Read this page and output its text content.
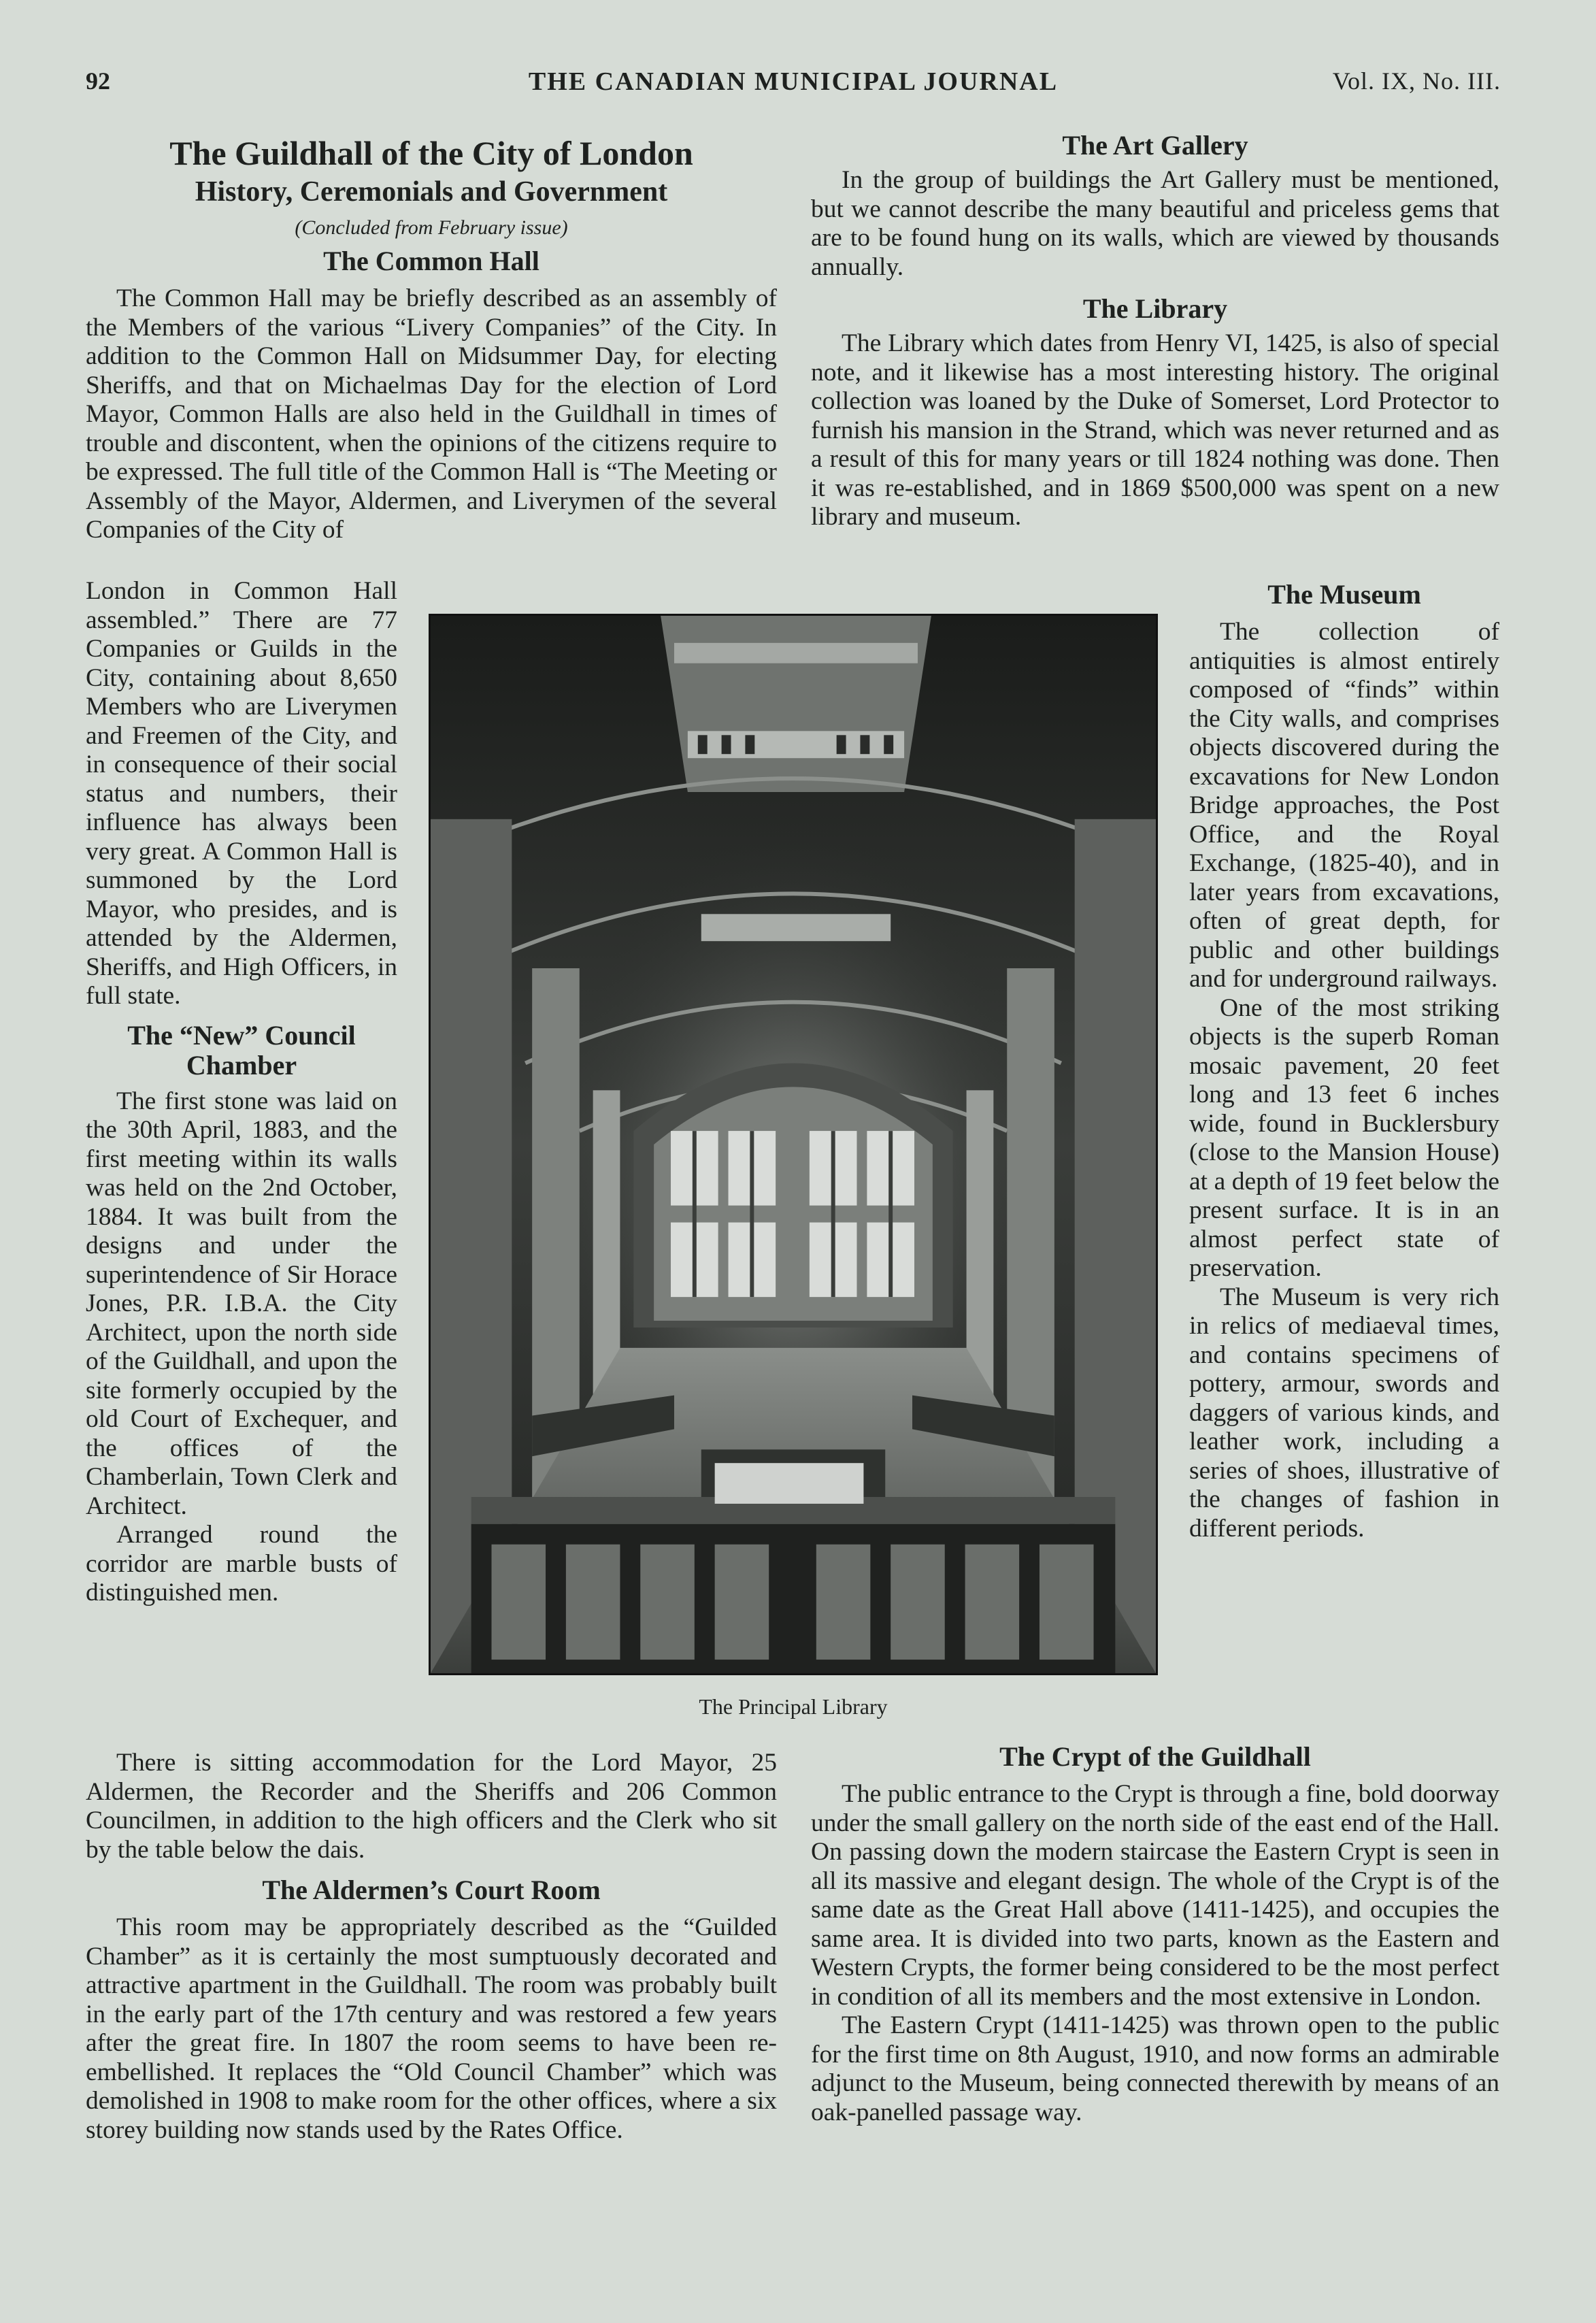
92	THE CANADIAN MUNICIPAL JOURNAL	Vol. IX, No. III.
The Guildhall of the City of London
History, Ceremonials and Government
(Concluded from February issue)
The Common Hall

The Common Hall may be briefly described as an assembly of the Members of the various “Livery Companies” of the City. In addition to the Common Hall on Midsummer Day, for electing Sheriffs, and that on Michaelmas Day for the election of Lord Mayor, Common Halls are also held in the Guildhall in times of trouble and discontent, when the opinions of the citizens require to be expressed. The full title of the Common Hall is “The Meeting or Assembly of the Mayor, Aldermen, and Liverymen of the several Companies of the City of

London in Common Hall assembled.” There are 77 Companies or Guilds in the City, containing about 8,650 Members who are Liverymen and Freemen of the City, and in consequence of their social status and numbers, their influence has always been very great. A Common Hall is summoned by the Lord Mayor, who presides, and is attended by the Aldermen, Sheriffs, and High Officers, in full state.

The “New” Council
Chamber

The first stone was laid on the 30th April, 1883, and the first meeting within its walls was held on the 2nd October, 1884. It was built from the designs and under the superintendence of Sir Horace Jones, P.R. I.B.A. the City Architect, upon the north side of the Guildhall, and upon the site formerly occupied by the old Court of Exchequer, and the offices of the Chamberlain, Town Clerk and Architect.

Arranged round the corridor are marble busts of distinguished men.

There is sitting accommodation for the Lord Mayor, 25 Aldermen, the Recorder and the Sheriffs and 206 Common Councilmen, in addition to the high officers and the Clerk who sit by the table below the dais.

The Aldermen’s Court Room

This room may be appropriately described as the “Guilded Chamber” as it is certainly the most sumptuously decorated and attractive apartment in the Guildhall. The room was probably built in the early part of the 17th century and was restored a few years after the great fire. In 1807 the room seems to have been re-embellished. It replaces the “Old Council Chamber” which was demolished in 1908 to make room for the other offices, where a six storey building now stands used by the Rates Office.

The Art Gallery

In the group of buildings the Art Gallery must be mentioned, but we cannot describe the many beautiful and priceless gems that are to be found hung on its walls, which are viewed by thousands annually.

The Library

The Library which dates from Henry VI, 1425, is also of special note, and it likewise has a most interesting history. The original collection was loaned by the Duke of Somerset, Lord Protector to furnish his mansion in the Strand, which was never returned and as a result of this for many years or till 1824 nothing was done. Then it was re-established, and in 1869 $500,000 was spent on a new library and museum.

The Museum

The collection of antiquities is almost entirely composed of “finds” within the City walls, and comprises objects discovered during the excavations for New London Bridge approaches, the Post Office, and the Royal Exchange, (1825-40), and in later years from excavations, often of great depth, for public and other buildings and for underground railways.

One of the most striking objects is the superb Roman mosaic pavement, 20 feet long and 13 feet 6 inches wide, found in Bucklersbury (close to the Mansion House) at a depth of 19 feet below the present surface. It is in an almost perfect state of preservation.

The Museum is very rich in relics of mediaeval times, and contains specimens of pottery, armour, swords and daggers of various kinds, and leather work, including a series of shoes, illustrative of the changes of fashion in different periods.

The Crypt of the Guildhall

The public entrance to the Crypt is through a fine, bold doorway under the small gallery on the north side of the east end of the Hall. On passing down the modern staircase the Eastern Crypt is seen in all its massive and elegant design. The whole of the Crypt is of the same date as the Great Hall above (1411-1425), and occupies the same area. It is divided into two parts, known as the Eastern and Western Crypts, the former being considered to be the most perfect in condition of all its members and the most extensive in London.

The Eastern Crypt (1411-1425) was thrown open to the public for the first time on 8th August, 1910, and now forms an admirable adjunct to the Museum, being connected therewith by means of an oak-panelled passage way.

The Principal Library
